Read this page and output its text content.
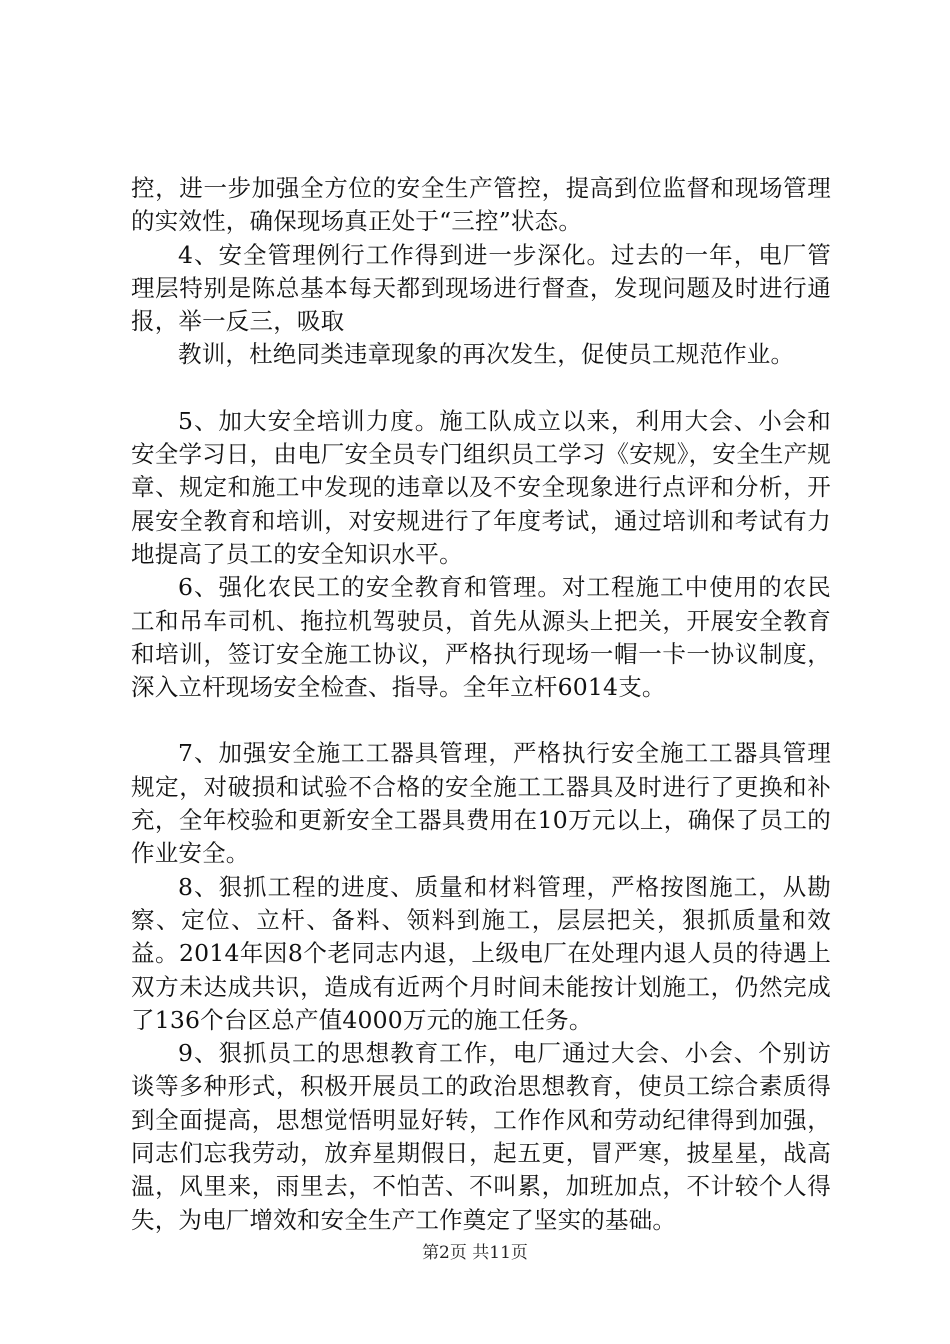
控，进一步加强全方位的安全生产管控，提高到位监督和现场管理的实效性，确保现场真正处于“三控”状态。

4、安全管理例行工作得到进一步深化。过去的一年，电厂管理层特别是陈总基本每天都到现场进行督查，发现问题及时进行通报，举一反三，吸取

教训，杜绝同类违章现象的再次发生，促使员工规范作业。

5、加大安全培训力度。施工队成立以来，利用大会、小会和安全学习日，由电厂安全员专门组织员工学习《安规》，安全生产规章、规定和施工中发现的违章以及不安全现象进行点评和分析，开展安全教育和培训，对安规进行了年度考试，通过培训和考试有力地提高了员工的安全知识水平。

6、强化农民工的安全教育和管理。对工程施工中使用的农民工和吊车司机、拖拉机驾驶员，首先从源头上把关，开展安全教育和培训，签订安全施工协议，严格执行现场一帽一卡一协议制度，深入立杆现场安全检查、指导。全年立杆6014支。

7、加强安全施工工器具管理，严格执行安全施工工器具管理规定，对破损和试验不合格的安全施工工器具及时进行了更换和补充，全年校验和更新安全工器具费用在10万元以上，确保了员工的作业安全。

8、狠抓工程的进度、质量和材料管理，严格按图施工，从勘察、定位、立杆、备料、领料到施工，层层把关，狠抓质量和效益。2014年因8个老同志内退，上级电厂在处理内退人员的待遇上双方未达成共识，造成有近两个月时间未能按计划施工，仍然完成了136个台区总产值4000万元的施工任务。

9、狠抓员工的思想教育工作，电厂通过大会、小会、个别访谈等多种形式，积极开展员工的政治思想教育，使员工综合素质得到全面提高，思想觉悟明显好转，工作作风和劳动纪律得到加强，同志们忘我劳动，放弃星期假日，起五更，冒严寒，披星星，战高温，风里来，雨里去，不怕苦、不叫累，加班加点，不计较个人得失，为电厂增效和安全生产工作奠定了坚实的基础。

第2页 共11页
